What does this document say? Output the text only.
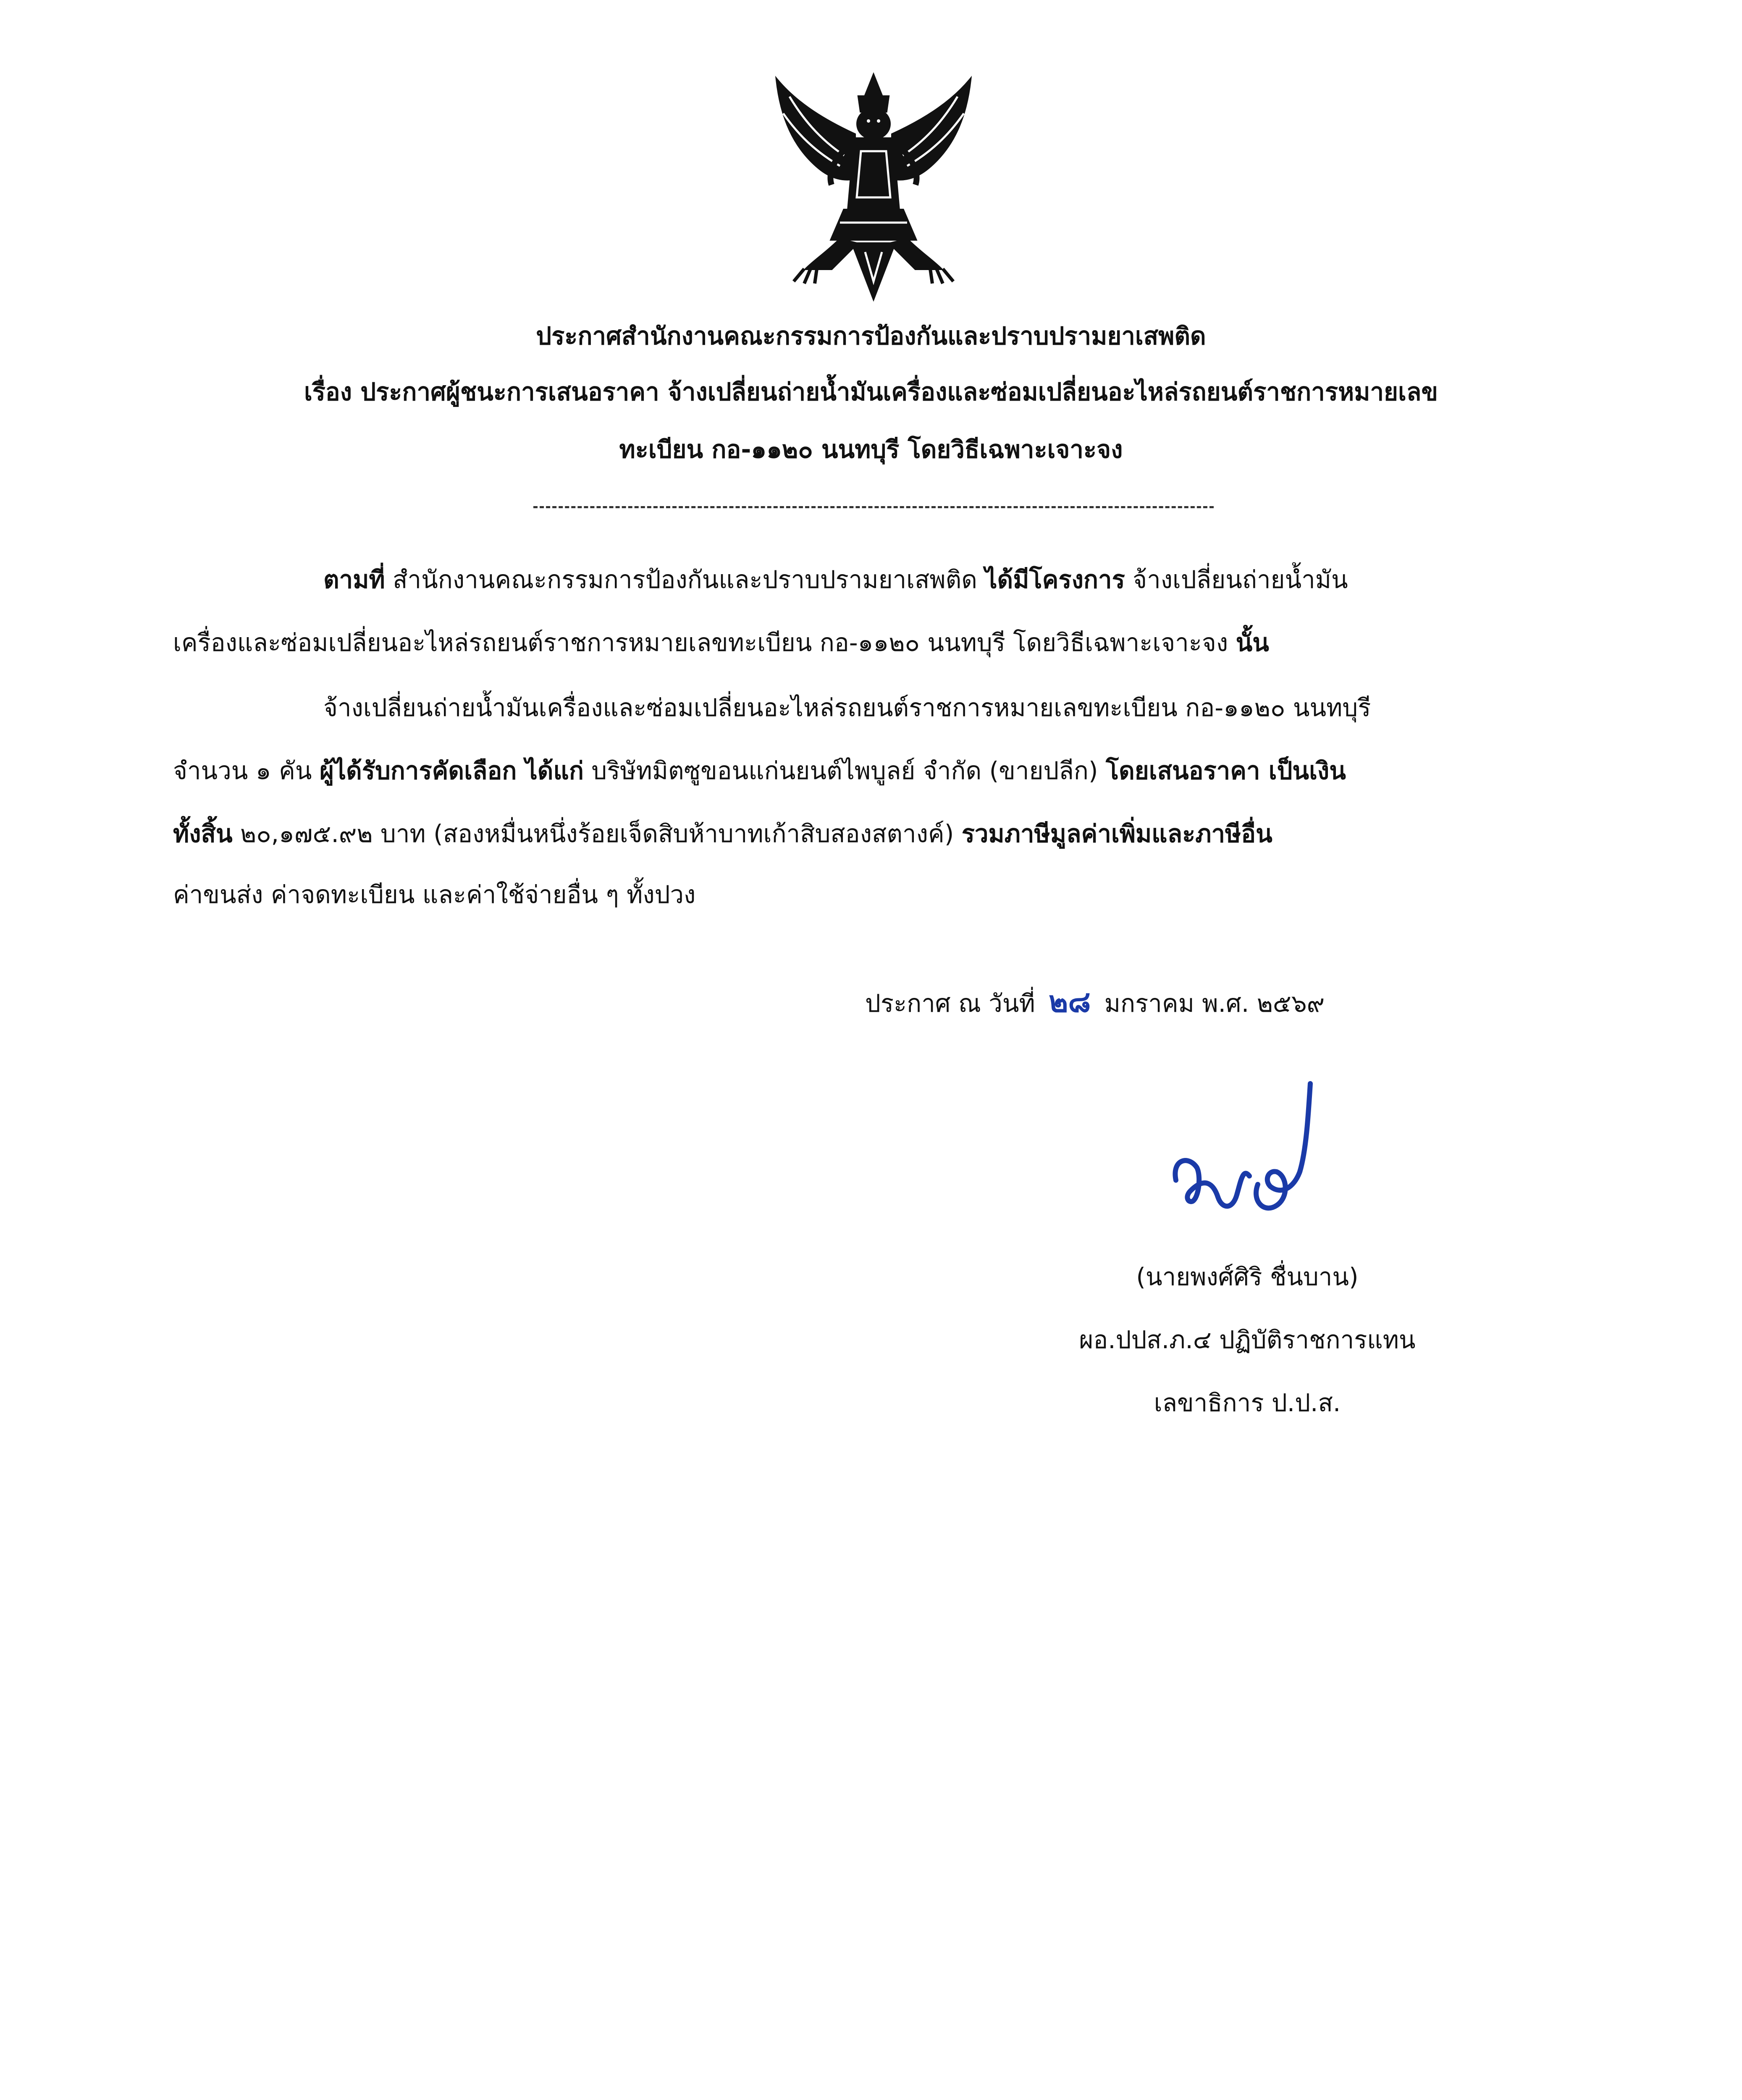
ประกาศสำนักงานคณะกรรมการป้องกันและปราบปรามยาเสพติด
เรื่อง ประกาศผู้ชนะการเสนอราคา จ้างเปลี่ยนถ่ายน้ำมันเครื่องและซ่อมเปลี่ยนอะไหล่รถยนต์ราชการหมายเลข
ทะเบียน กอ-๑๑๒๐ นนทบุรี โดยวิธีเฉพาะเจาะจง
ตามที่ สำนักงานคณะกรรมการป้องกันและปราบปรามยาเสพติด ได้มีโครงการ จ้างเปลี่ยนถ่ายน้ำมัน
เครื่องและซ่อมเปลี่ยนอะไหล่รถยนต์ราชการหมายเลขทะเบียน กอ-๑๑๒๐ นนทบุรี โดยวิธีเฉพาะเจาะจง นั้น
จ้างเปลี่ยนถ่ายน้ำมันเครื่องและซ่อมเปลี่ยนอะไหล่รถยนต์ราชการหมายเลขทะเบียน กอ-๑๑๒๐ นนทบุรี
จำนวน ๑ คัน ผู้ได้รับการคัดเลือก ได้แก่ บริษัทมิตซูขอนแก่นยนต์ไพบูลย์ จำกัด (ขายปลีก) โดยเสนอราคา เป็นเงิน
ทั้งสิ้น ๒๐,๑๗๕.๙๒ บาท (สองหมื่นหนึ่งร้อยเจ็ดสิบห้าบาทเก้าสิบสองสตางค์) รวมภาษีมูลค่าเพิ่มและภาษีอื่น
ค่าขนส่ง ค่าจดทะเบียน และค่าใช้จ่ายอื่น ๆ ทั้งปวง
ประกาศ ณ วันที่ ๒๘ มกราคม พ.ศ. ๒๕๖๙
(นายพงศ์ศิริ ชื่นบาน)
ผอ.ปปส.ภ.๔ ปฏิบัติราชการแทน
เลขาธิการ ป.ป.ส.
